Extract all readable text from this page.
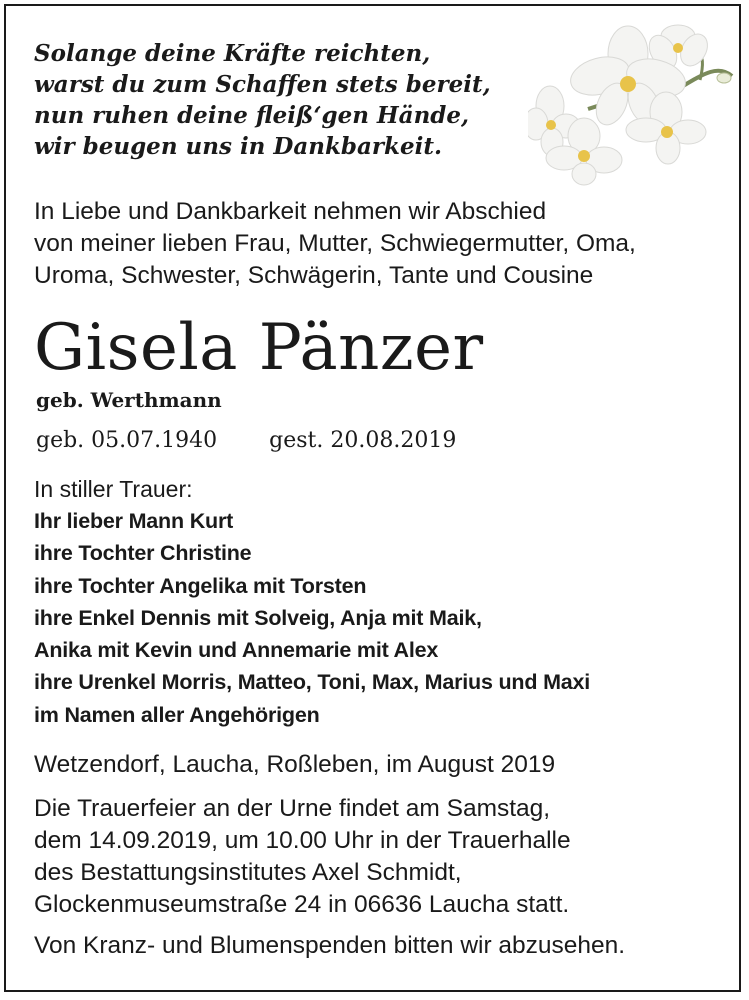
Solange deine Kräfte reichten,
warst du zum Schaffen stets bereit,
nun ruhen deine fleiß‘gen Hände,
wir beugen uns in Dankbarkeit.
In Liebe und Dankbarkeit nehmen wir Abschied
von meiner lieben Frau, Mutter, Schwiegermutter, Oma,
Uroma, Schwester, Schwägerin, Tante und Cousine
Gisela Pänzer
geb. Werthmann
geb. 05.07.1940 gest. 20.08.2019
In stiller Trauer:
Ihr lieber Mann Kurt
ihre Tochter Christine
ihre Tochter Angelika mit Torsten
ihre Enkel Dennis mit Solveig, Anja mit Maik,
Anika mit Kevin und Annemarie mit Alex
ihre Urenkel Morris, Matteo, Toni, Max, Marius und Maxi
im Namen aller Angehörigen
Wetzendorf, Laucha, Roßleben, im August 2019
Die Trauerfeier an der Urne findet am Samstag,
dem 14.09.2019, um 10.00 Uhr in der Trauerhalle
des Bestattungsinstitutes Axel Schmidt,
Glockenmuseumstraße 24 in 06636 Laucha statt.
Von Kranz- und Blumenspenden bitten wir abzusehen.
